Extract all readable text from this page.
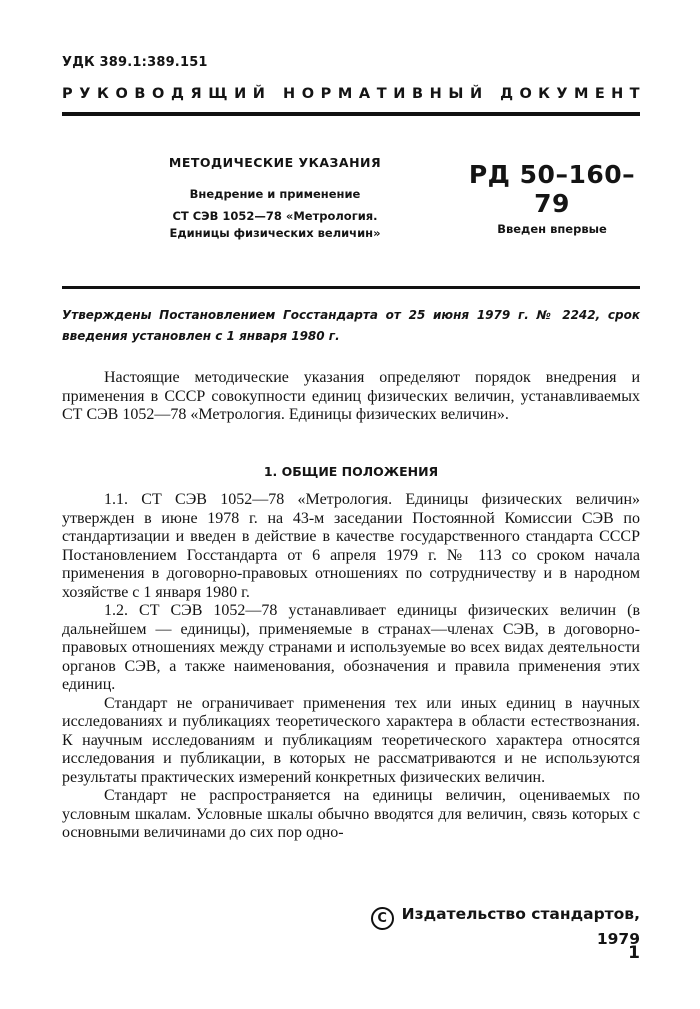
УДК 389.1:389.151
РУКОВОДЯЩИЙ НОРМАТИВНЫЙ ДОКУМЕНТ
МЕТОДИЧЕСКИЕ УКАЗАНИЯ
Внедрение и применение
СТ СЭВ 1052—78 «Метрология.
Единицы физических величин»
РД 50–160–79
Введен впервые
Утверждены Постановлением Госстандарта от 25 июня 1979 г. № 2242, срок введения установлен с 1 января 1980 г.

Настоящие методические указания определяют порядок внедрения и применения в СССР совокупности единиц физических величин, устанавливаемых СТ СЭВ 1052—78 «Метрология. Единицы физических величин».

1. ОБЩИЕ ПОЛОЖЕНИЯ

1.1. СТ СЭВ 1052—78 «Метрология. Единицы физических величин» утвержден в июне 1978 г. на 43-м заседании Постоянной Комиссии СЭВ по стандартизации и введен в действие в качестве государственного стандарта СССР Постановлением Госстандарта от 6 апреля 1979 г. № 113 со сроком начала применения в договорно-правовых отношениях по сотрудничеству и в народном хозяйстве с 1 января 1980 г.

1.2. СТ СЭВ 1052—78 устанавливает единицы физических величин (в дальнейшем — единицы), применяемые в странах—членах СЭВ, в договорно-правовых отношениях между странами и используемые во всех видах деятельности органов СЭВ, а также наименования, обозначения и правила применения этих единиц.

Стандарт не ограничивает применения тех или иных единиц в научных исследованиях и публикациях теоретического характера в области естествознания. К научным исследованиям и публикациям теоретического характера относятся исследования и публикации, в которых не рассматриваются и не используются результаты практических измерений конкретных физических величин.

Стандарт не распространяется на единицы величин, оцениваемых по условным шкалам. Условные шкалы обычно вводятся для величин, связь которых с основными величинами до сих пор одно-

C Издательство стандартов, 1979
1
